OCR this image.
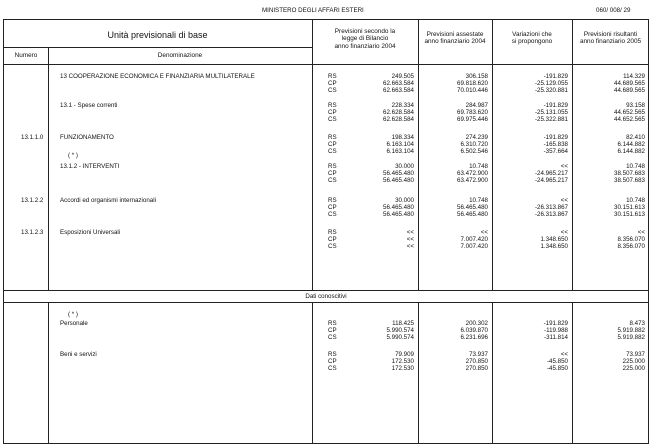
MINISTERO DEGLI AFFARI ESTERI	060/ 008/ 29
Unità previsionali di base
Numero	Denominazione
Previsioni secondo la
legge di Bilancio
anno finanziario 2004
Previsioni assestate
anno finanziario 2004
Variazioni che
si propongono
Previsioni risultanti
anno finanziario 2005
13 COOPERAZIONE ECONOMICA E FINANZIARIA MULTILATERALE	RS	249.505	306.158	-191.829	114.329
CP	62.663.584	69.818.620	-25.129.055	44.689.565
CS	62.663.584	70.010.446	-25.320.881	44.689.565
13.1 - Spese correnti	RS	228.334	284.987	-191.829	93.158
CP	62.628.584	69.783.620	-25.131.055	44.652.565
CS	62.628.584	69.975.446	-25.322.881	44.652.565
13.1.1.0	FUNZIONAMENTO	RS	198.334	274.239	-191.829	82.410
CP	6.163.104	6.310.720	-165.838	6.144.882
CS	6.163.104	6.502.546	-357.664	6.144.882
13.1.2 - INTERVENTI	RS	30.000	10.748	<<	10.748
CP	56.465.480	63.472.900	-24.965.217	38.507.683
CS	56.465.480	63.472.900	-24.965.217	38.507.683
13.1.2.2	Accordi ed organismi internazionali	RS	30.000	10.748	<<	10.748
CP	56.465.480	56.465.480	-26.313.867	30.151.613
CS	56.465.480	56.465.480	-26.313.867	30.151.613
13.1.2.3	Esposizioni Universali	RS	<<	<<	<<	<<
CP	<<	7.007.420	1.348.650	8.356.070
CS	<<	7.007.420	1.348.650	8.356.070
Personale	RS	118.425	200.302	-191.829	8.473
CP	5.990.574	6.039.870	-119.988	5.919.882
CS	5.990.574	6.231.696	-311.814	5.919.882
Beni e servizi	RS	79.909	73.937	<<	73.937
CP	172.530	270.850	-45.850	225.000
CS	172.530	270.850	-45.850	225.000
( * )
Dati conoscitivi
( * )
